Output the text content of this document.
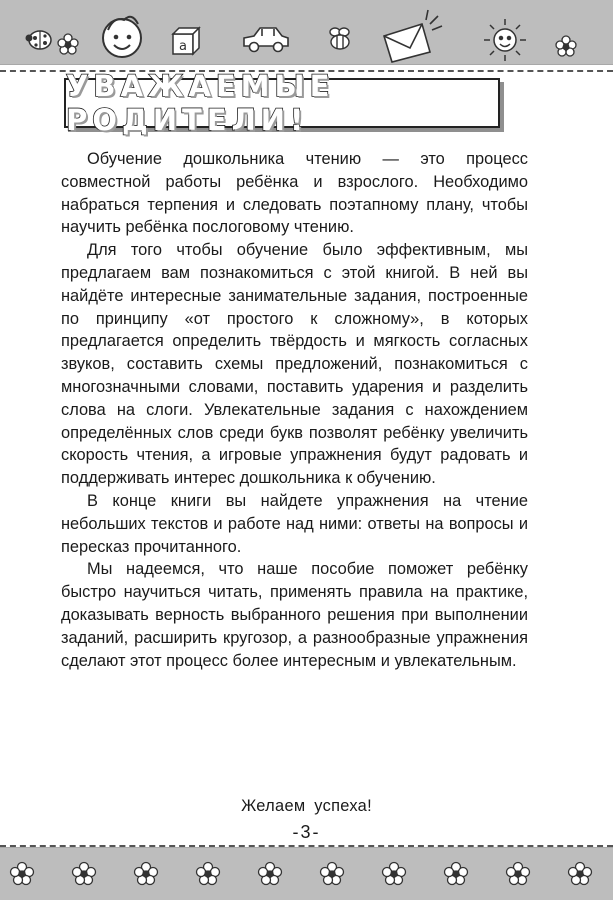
a
УВАЖАЕМЫЕ РОДИТЕЛИ!

Обучение дошкольника чтению — это процесс совместной работы ребёнка и взрослого. Необходимо набраться терпения и следовать поэтапному плану, чтобы научить ребёнка послоговому чтению.

Для того чтобы обучение было эффективным, мы предлагаем вам познакомиться с этой книгой. В ней вы найдёте интересные занимательные задания, построенные по принципу «от простого к сложному», в которых предлагается определить твёрдость и мягкость согласных звуков, составить схемы предложений, познакомиться с многозначными словами, поставить ударения и разделить слова на слоги. Увлекательные задания с нахождением определённых слов среди букв позволят ребёнку увеличить скорость чтения, а игровые упражнения будут радовать и поддерживать интерес дошкольника к обучению.

В конце книги вы найдете упражнения на чтение небольших текстов и работе над ними: ответы на вопросы и пересказ прочитанного.

Мы надеемся, что наше пособие поможет ребёнку быстро научиться читать, применять правила на практике, доказывать верность выбранного решения при выполнении заданий, расширить кругозор, а разнообразные упражнения сделают этот процесс более интересным и увлекательным.

Желаем успеха!
-3-
